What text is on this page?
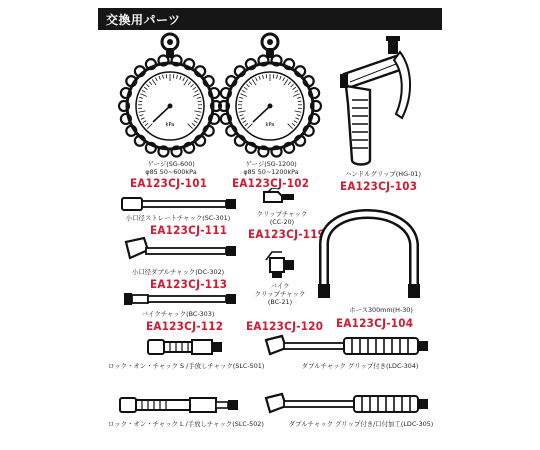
交換用パーツ
kPa
ゲージ(SG-600)
φ85 50~600kPa
EA123CJ-101
kPa
ゲージ(SG-1200)
φ85 50~1200kPa
EA123CJ-102
ハンドルグリップ(HG-01)
EA123CJ-103
小口径ストレートチャック(SC-301)
EA123CJ-111
クリップチャック
(CC-20)
EA123CJ-119
小口径ダブルチャック(DC-302)
EA123CJ-113
バイクチャック(BC-303)
EA123CJ-112
バイク
クリップチャック
(BC-21)
EA123CJ-120
ホース300mm(H-30)
EA123CJ-104
ロック・オン・チャック S /手放しチャック(SLC-501)	ダブルチャック グリップ付き(LDC-304)
ロック・オン・チャック L /手放しチャック(SLC-502)	ダブルチャック グリップ付き/口付加工(LDC-305)
